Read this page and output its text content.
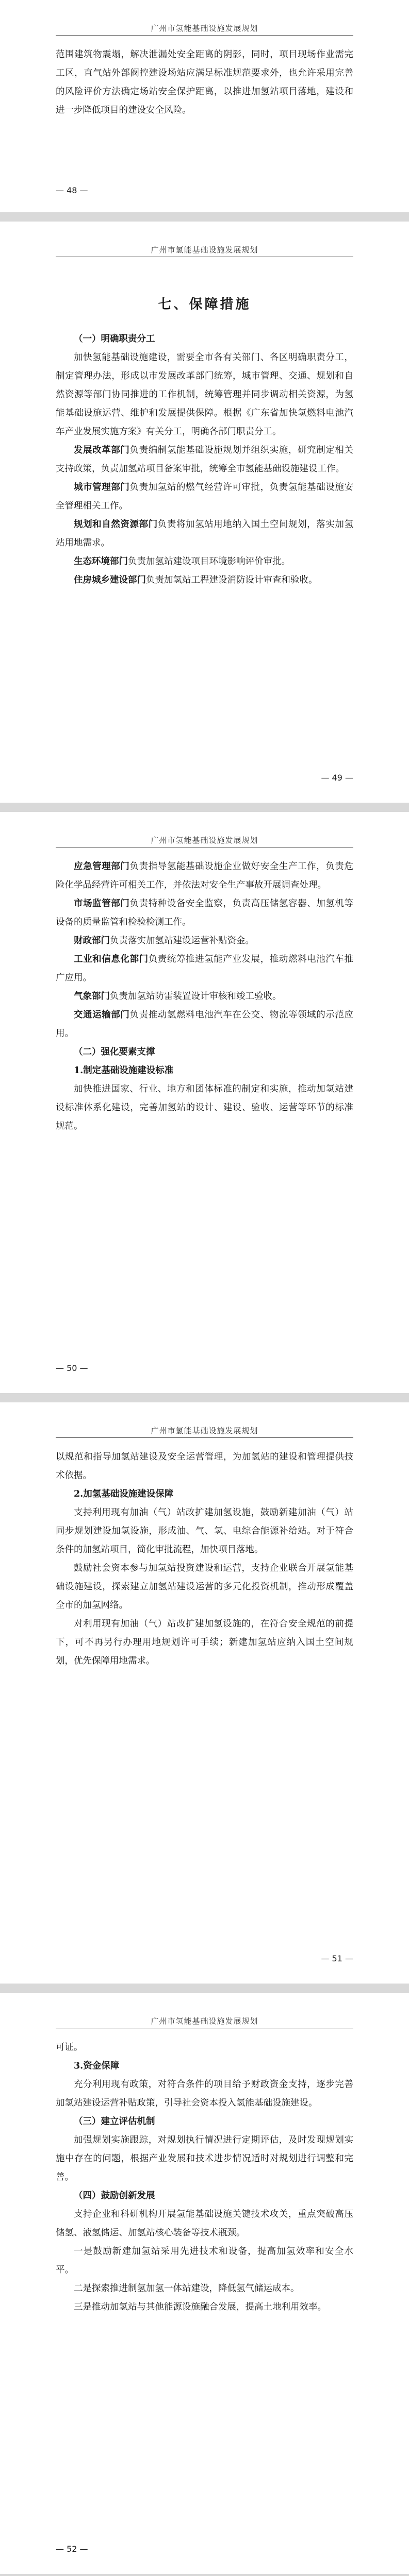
广州市氢能基础设施发展规划

范围建筑物震塌，解决泄漏处安全距离的阴影，同时，项目现场作业需完工区，直气站外部阀控建设场站应满足标准规范要求外，也允许采用完善的风险评价方法确定场站安全保护距离，以推进加氢站项目落地，建设和进一步降低项目的建设安全风险。

— 48 —
广州市氢能基础设施发展规划
七、保障措施

（一）明确职责分工

加快氢能基础设施建设，需要全市各有关部门、各区明确职责分工，制定管理办法，形成以市发展改革部门统筹，城市管理、交通、规划和自然资源等部门协同推进的工作机制，统筹管理并同步调动相关资源，为氢能基础设施运营、维护和发展提供保障。根据《广东省加快氢燃料电池汽车产业发展实施方案》有关分工，明确各部门职责分工。

发展改革部门负责编制氢能基础设施规划并组织实施，研究制定相关支持政策，负责加氢站项目备案审批，统筹全市氢能基础设施建设工作。

城市管理部门负责加氢站的燃气经营许可审批，负责氢能基础设施安全管理相关工作。

规划和自然资源部门负责将加氢站用地纳入国土空间规划，落实加氢站用地需求。

生态环境部门负责加氢站建设项目环境影响评价审批。

住房城乡建设部门负责加氢站工程建设消防设计审查和验收。

— 49 —
广州市氢能基础设施发展规划

应急管理部门负责指导氢能基础设施企业做好安全生产工作，负责危险化学品经营许可相关工作，并依法对安全生产事故开展调查处理。

市场监管部门负责特种设备安全监察，负责高压储氢容器、加氢机等设备的质量监管和检验检测工作。

财政部门负责落实加氢站建设运营补贴资金。

工业和信息化部门负责统筹推进氢能产业发展，推动燃料电池汽车推广应用。

气象部门负责加氢站防雷装置设计审核和竣工验收。

交通运输部门负责推动氢燃料电池汽车在公交、物流等领域的示范应用。

（二）强化要素支撑

1.制定基础设施建设标准

加快推进国家、行业、地方和团体标准的制定和实施，推动加氢站建设标准体系化建设，完善加氢站的设计、建设、验收、运营等环节的标准规范。

— 50 —
广州市氢能基础设施发展规划

以规范和指导加氢站建设及安全运营管理，为加氢站的建设和管理提供技术依据。

2.加氢基础设施建设保障

支持利用现有加油（气）站改扩建加氢设施，鼓励新建加油（气）站同步规划建设加氢设施，形成油、气、氢、电综合能源补给站。对于符合条件的加氢站项目，简化审批流程，加快项目落地。

鼓励社会资本参与加氢站投资建设和运营，支持企业联合开展氢能基础设施建设，探索建立加氢站建设运营的多元化投资机制，推动形成覆盖全市的加氢网络。

对利用现有加油（气）站改扩建加氢设施的，在符合安全规范的前提下，可不再另行办理用地规划许可手续；新建加氢站应纳入国土空间规划，优先保障用地需求。

— 51 —
广州市氢能基础设施发展规划

可证。

3.资金保障

充分利用现有政策，对符合条件的项目给予财政资金支持，逐步完善加氢站建设运营补贴政策，引导社会资本投入氢能基础设施建设。

（三）建立评估机制

加强规划实施跟踪，对规划执行情况进行定期评估，及时发现规划实施中存在的问题，根据产业发展和技术进步情况适时对规划进行调整和完善。

（四）鼓励创新发展

支持企业和科研机构开展氢能基础设施关键技术攻关，重点突破高压储氢、液氢储运、加氢站核心装备等技术瓶颈。

一是鼓励新建加氢站采用先进技术和设备，提高加氢效率和安全水平。

二是探索推进制氢加氢一体站建设，降低氢气储运成本。

三是推动加氢站与其他能源设施融合发展，提高土地利用效率。

— 52 —
